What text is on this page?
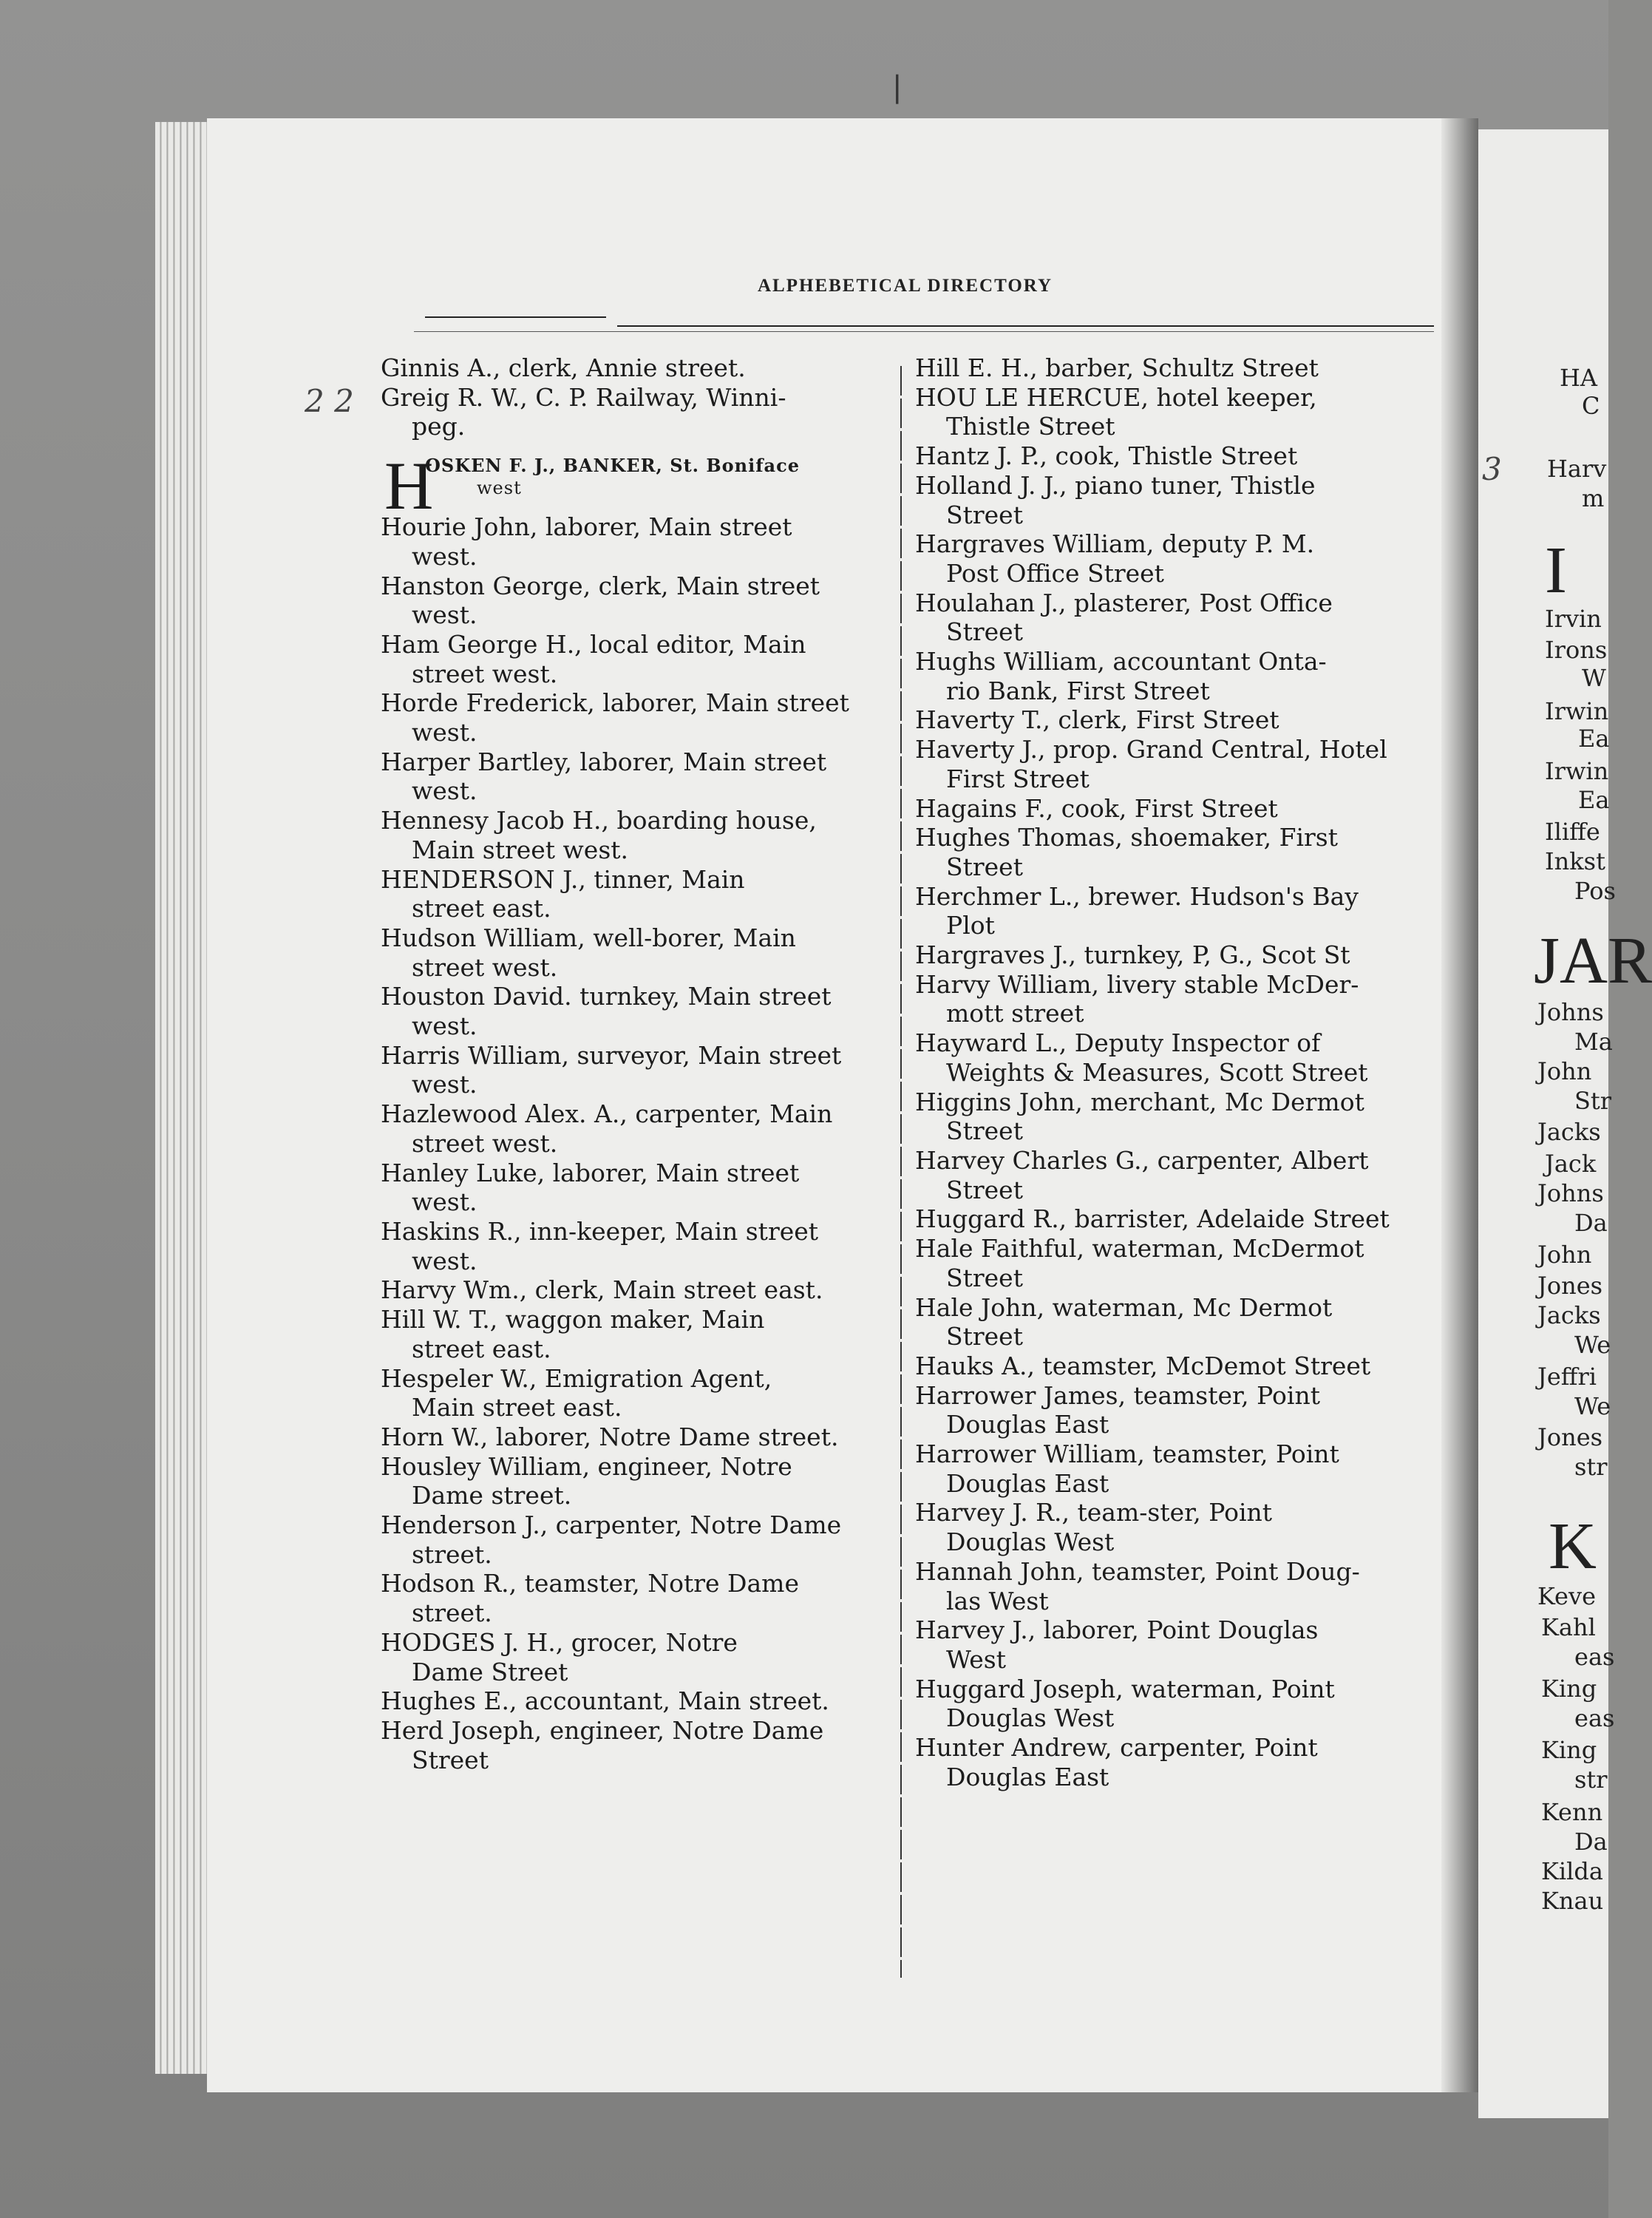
❘
2 2
3
ALPHEBETICAL DIRECTORY
Ginnis A., clerk, Annie street.
Greig R. W., C. P. Railway, Winni-
peg.
H
OSKEN F. J., BANKER, St. Boniface west
Hourie John, laborer, Main street
west.
Hanston George, clerk, Main street
west.
Ham George H., local editor, Main
street west.
Horde Frederick, laborer, Main street
west.
Harper Bartley, laborer, Main street
west.
Hennesy Jacob H., boarding house,
Main street west.
HENDERSON J., tinner, Main
street east.
Hudson William, well-borer, Main
street west.
Houston David. turnkey, Main street
west.
Harris William, surveyor, Main street
west.
Hazlewood Alex. A., carpenter, Main
street west.
Hanley Luke, laborer, Main street
west.
Haskins R., inn-keeper, Main street
west.
Harvy Wm., clerk, Main street east.
Hill W. T., waggon maker, Main
street east.
Hespeler W., Emigration Agent,
Main street east.
Horn W., laborer, Notre Dame street.
Housley William, engineer, Notre
Dame street.
Henderson J., carpenter, Notre Dame
street.
Hodson R., teamster, Notre Dame
street.
HODGES J. H., grocer, Notre
Dame Street
Hughes E., accountant, Main street.
Herd Joseph, engineer, Notre Dame
Street
Hill E. H., barber, Schultz Street
HOU LE HERCUE, hotel keeper,
Thistle Street
Hantz J. P., cook, Thistle Street
Holland J. J., piano tuner, Thistle
Street
Hargraves William, deputy P. M.
Post Office Street
Houlahan J., plasterer, Post Office
Street
Hughs William, accountant Onta-
rio Bank, First Street
Haverty T., clerk, First Street
Haverty J., prop. Grand Central, Hotel
First Street
Hagains F., cook, First Street
Hughes Thomas, shoemaker, First
Street
Herchmer L., brewer. Hudson's Bay
Plot
Hargraves J., turnkey, P, G., Scot St
Harvy William, livery stable McDer-
mott street
Hayward L., Deputy Inspector of
Weights & Measures, Scott Street
Higgins John, merchant, Mc Dermot
Street
Harvey Charles G., carpenter, Albert
Street
Huggard R., barrister, Adelaide Street
Hale Faithful, waterman, McDermot
Street
Hale John, waterman, Mc Dermot
Street
Hauks A., teamster, McDemot Street
Harrower James, teamster, Point
Douglas East
Harrower William, teamster, Point
Douglas East
Harvey J. R., team-ster, Point
Douglas West
Hannah John, teamster, Point Doug-
las West
Harvey J., laborer, Point Douglas
West
Huggard Joseph, waterman, Point
Douglas West
Hunter Andrew, carpenter, Point
Douglas East
HA
C
Harv
m
I
Irvin
Irons
W
Irwin
Ea
Irwin
Ea
Iliffe
Inkst
Pos
JAR
Johns
Ma
John
Str
Jacks
Jack
Johns
Da
John
Jones
Jacks
We
Jeffri
We
Jones
str
K
Keve
Kahl
eas
King
eas
King
str
Kenn
Da
Kilda
Knau
